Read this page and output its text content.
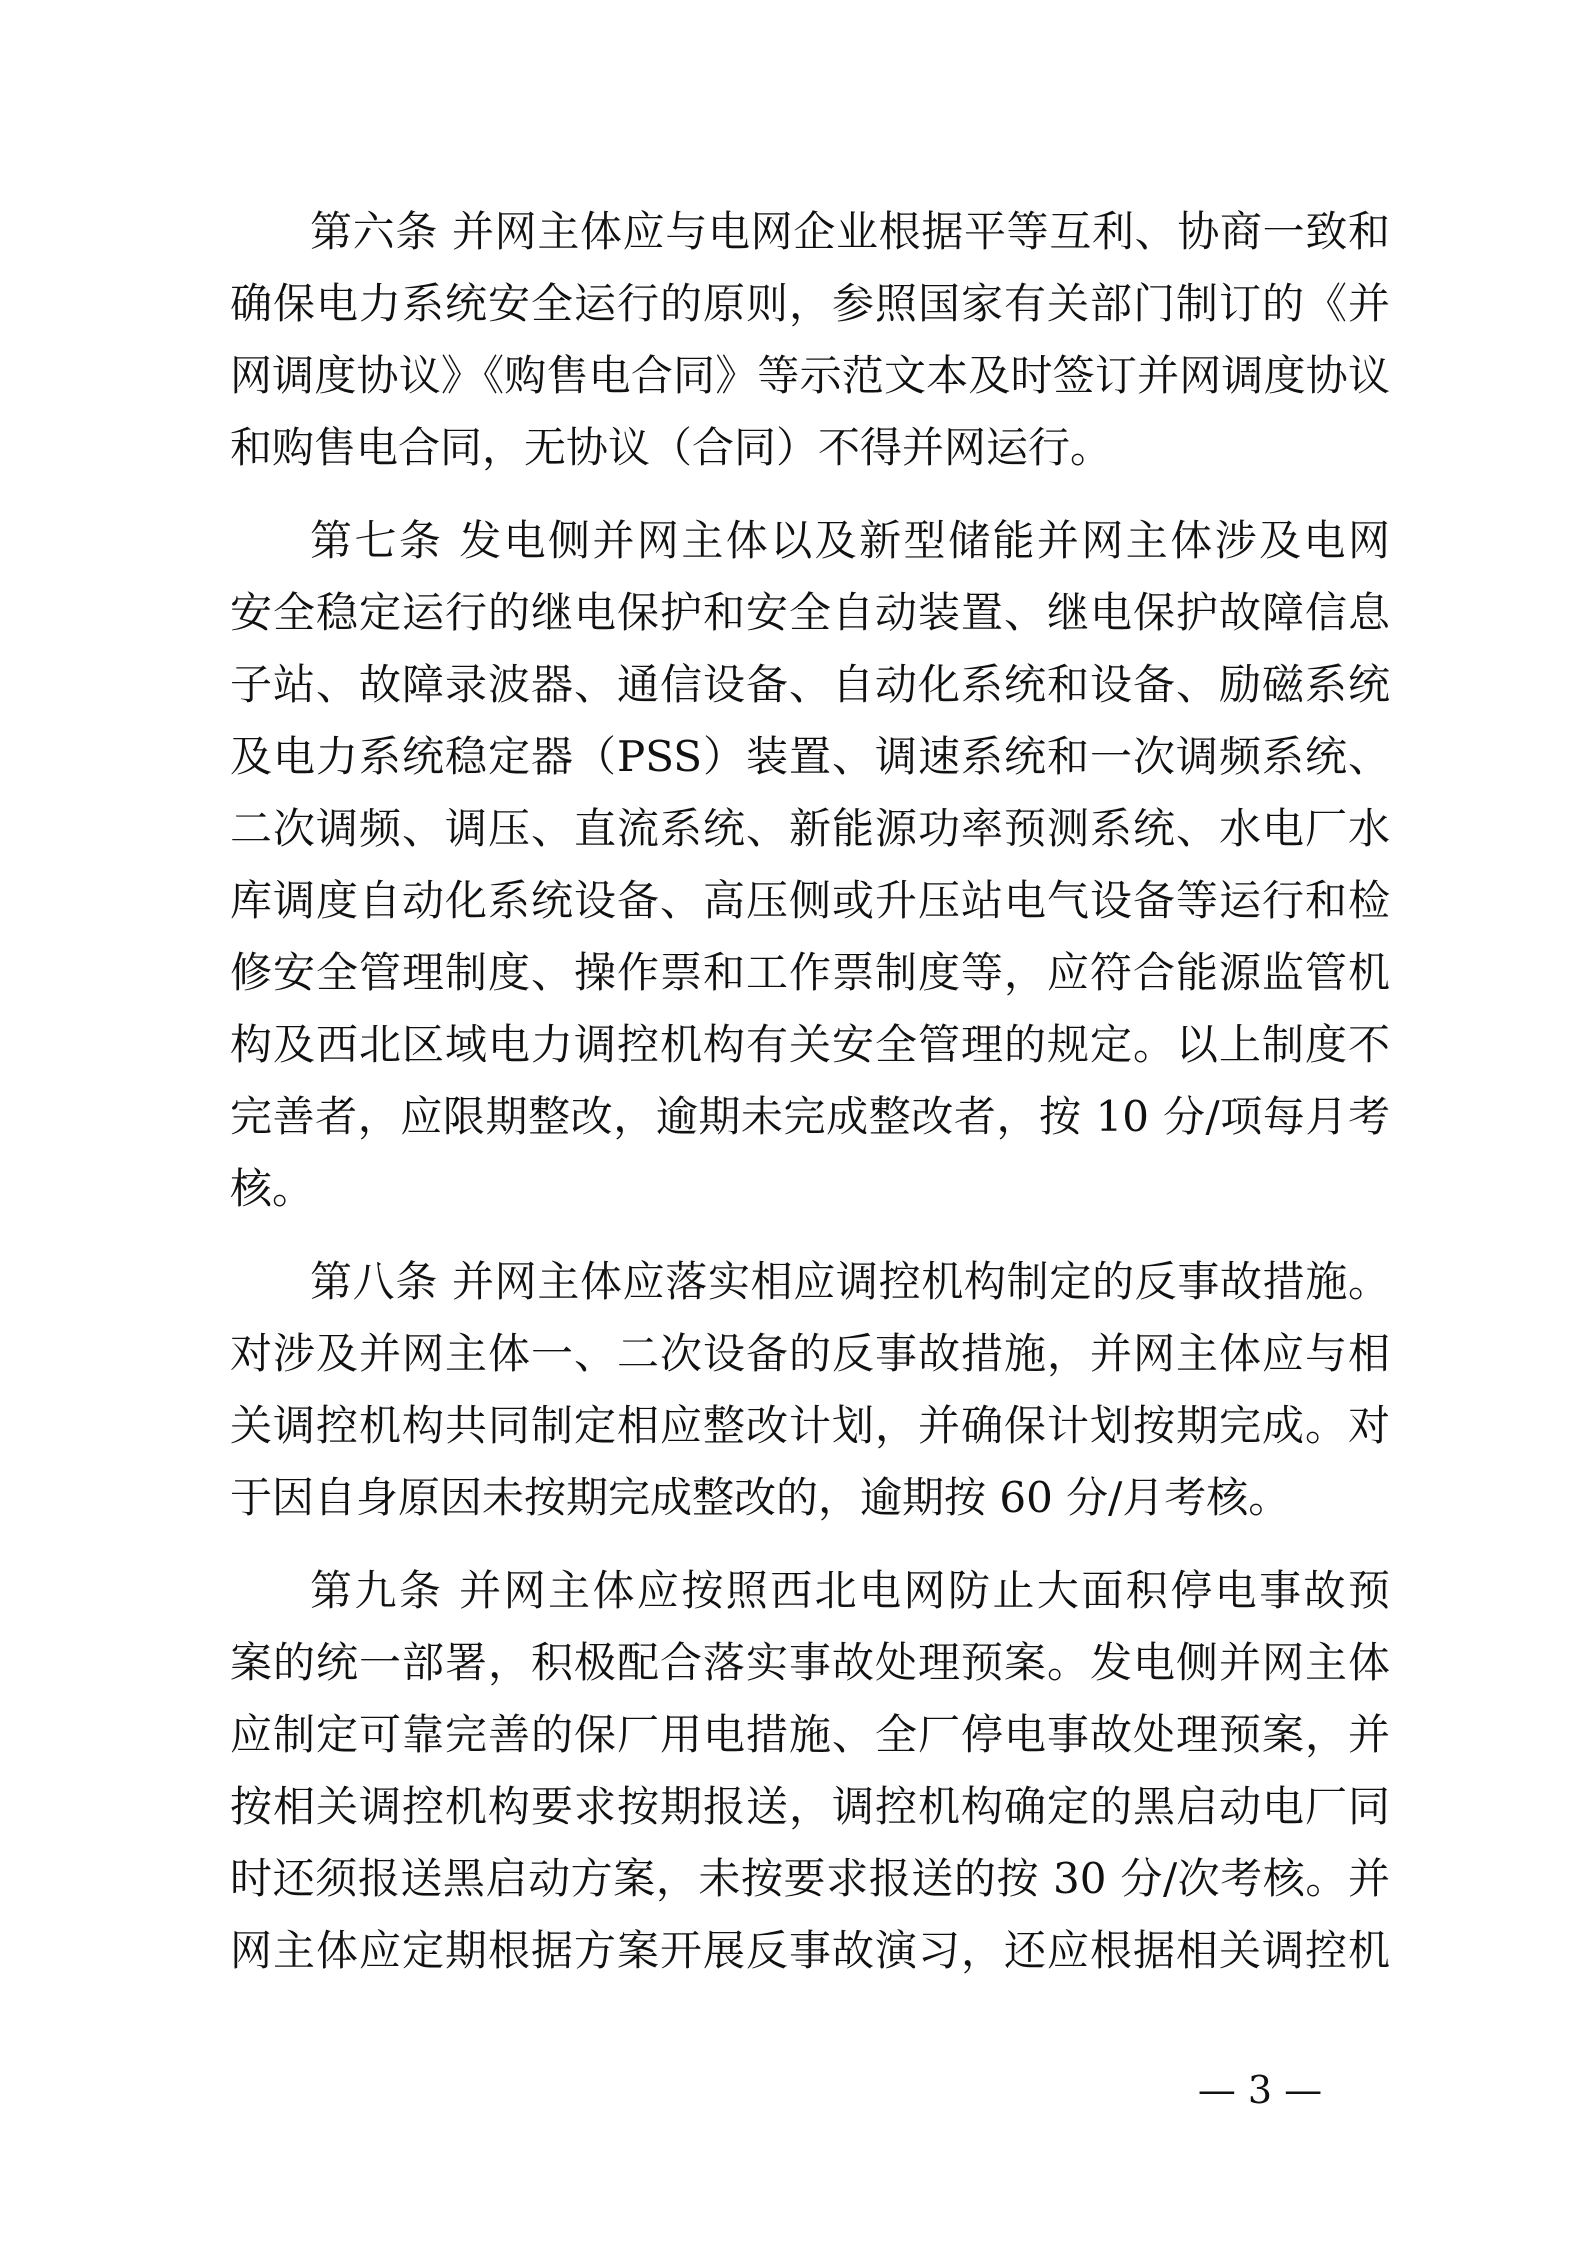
第六条 并网主体应与电网企业根据平等互利、协商一致和
确保电力系统安全运行的原则，参照国家有关部门制订的《并
网调度协议》《购售电合同》等示范文本及时签订并网调度协议
和购售电合同，无协议（合同）不得并网运行。
第七条 发电侧并网主体以及新型储能并网主体涉及电网
安全稳定运行的继电保护和安全自动装置、继电保护故障信息
子站、故障录波器、通信设备、自动化系统和设备、励磁系统
及电力系统稳定器（PSS）装置、调速系统和一次调频系统、
二次调频、调压、直流系统、新能源功率预测系统、水电厂水
库调度自动化系统设备、高压侧或升压站电气设备等运行和检
修安全管理制度、操作票和工作票制度等，应符合能源监管机
构及西北区域电力调控机构有关安全管理的规定。以上制度不
完善者，应限期整改，逾期未完成整改者，按 10 分/项每月考
核。
第八条 并网主体应落实相应调控机构制定的反事故措施。
对涉及并网主体一、二次设备的反事故措施，并网主体应与相
关调控机构共同制定相应整改计划，并确保计划按期完成。对
于因自身原因未按期完成整改的，逾期按 60 分/月考核。
第九条 并网主体应按照西北电网防止大面积停电事故预
案的统一部署，积极配合落实事故处理预案。发电侧并网主体
应制定可靠完善的保厂用电措施、全厂停电事故处理预案，并
按相关调控机构要求按期报送，调控机构确定的黑启动电厂同
时还须报送黑启动方案，未按要求报送的按 30 分/次考核。并
网主体应定期根据方案开展反事故演习，还应根据相关调控机
— 3 —
